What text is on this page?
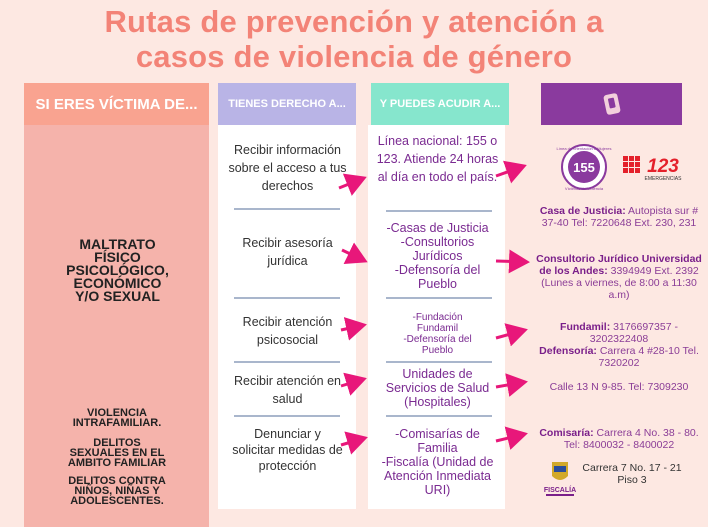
Rutas de prevención y atención a
casos de violencia de género
SI ERES VÍCTIMA DE...	TIENES DERECHO A...	Y PUEDES ACUDIR A...
MALTRATO
FÍSICO
PSICOLÓGICO,
ECONÓMICO
Y/O SEXUAL
VIOLENCIA
INTRAFAMILIAR.
DELITOS
SEXUALES EN EL
AMBITO FAMILIAR
DELITOS CONTRA
NIÑOS, NIÑAS Y
ADOLESCENTES.
Recibir información sobre el acceso a tus derechos
Recibir asesoría jurídica
Recibir atención psicosocial
Recibir atención en salud
Denunciar y solicitar medidas de protección
Línea nacional: 155 o 123. Atiende 24 horas al día en todo el país.
-Casas de Justicia
-Consultorios
Jurídicos
-Defensoría del
Pueblo
-Fundación
Fundamil
-Defensoría del
Pueblo
Unidades de Servicios de Salud (Hospitales)
-Comisarías de
Familia
-Fiscalía (Unidad de
Atención Inmediata
URI)
155
Línea de orientación a Mujeres
Víctimas de Violencia
123
EMERGENCIAS
Casa de Justicia: Autopista sur # 37-40 Tel: 7220648 Ext. 230, 231
Consultorio Jurídico Universidad de los Andes: 3394949 Ext. 2392 (Lunes a viernes, de 8:00 a 11:30 a.m)
Fundamil: 3176697357 - 3202322408
Defensoría: Carrera 4 #28-10 Tel. 7320202
Calle 13 N 9-85. Tel: 7309230
Comisaría: Carrera 4 No. 38 - 80. Tel: 8400032 - 8400022
FISCALÍA
Carrera 7 No. 17 - 21 Piso 3
